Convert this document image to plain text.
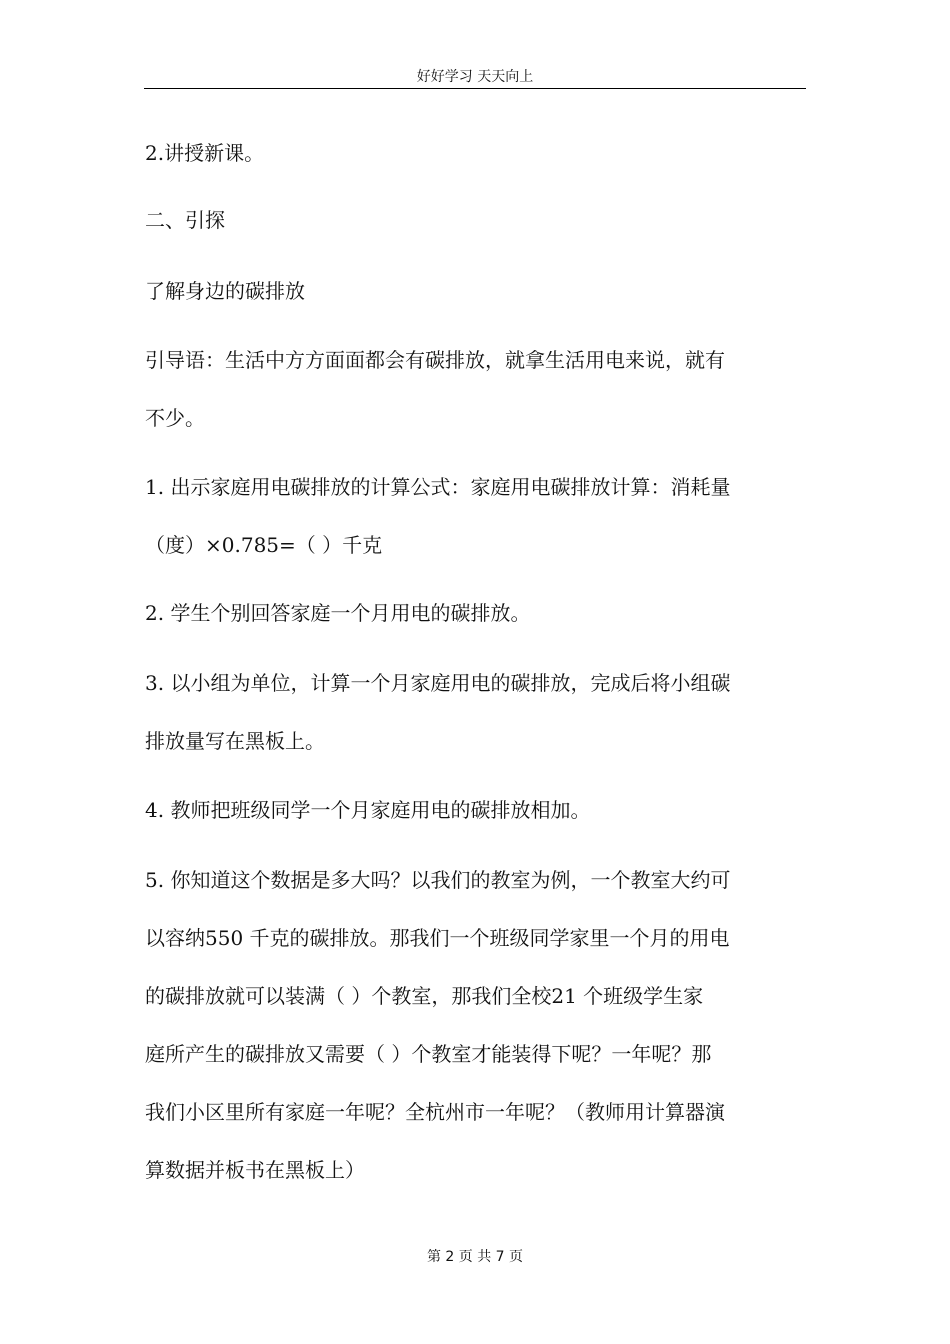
好好学习 天天向上

2.讲授新课。

二、引探

了解身边的碳排放

引导语：生活中方方面面都会有碳排放，就拿生活用电来说，就有
不少。

1. 出示家庭用电碳排放的计算公式：家庭用电碳排放计算：消耗量
（度）×0.785=（ ）千克

2. 学生个别回答家庭一个月用电的碳排放。

3. 以小组为单位，计算一个月家庭用电的碳排放，完成后将小组碳
排放量写在黑板上。

4. 教师把班级同学一个月家庭用电的碳排放相加。

5. 你知道这个数据是多大吗？以我们的教室为例，一个教室大约可
以容纳550 千克的碳排放。那我们一个班级同学家里一个月的用电
的碳排放就可以装满（ ）个教室，那我们全校21 个班级学生家
庭所产生的碳排放又需要（ ）个教室才能装得下呢？一年呢？那
我们小区里所有家庭一年呢？全杭州市一年呢？（教师用计算器演
算数据并板书在黑板上）

第 2 页 共 7 页
